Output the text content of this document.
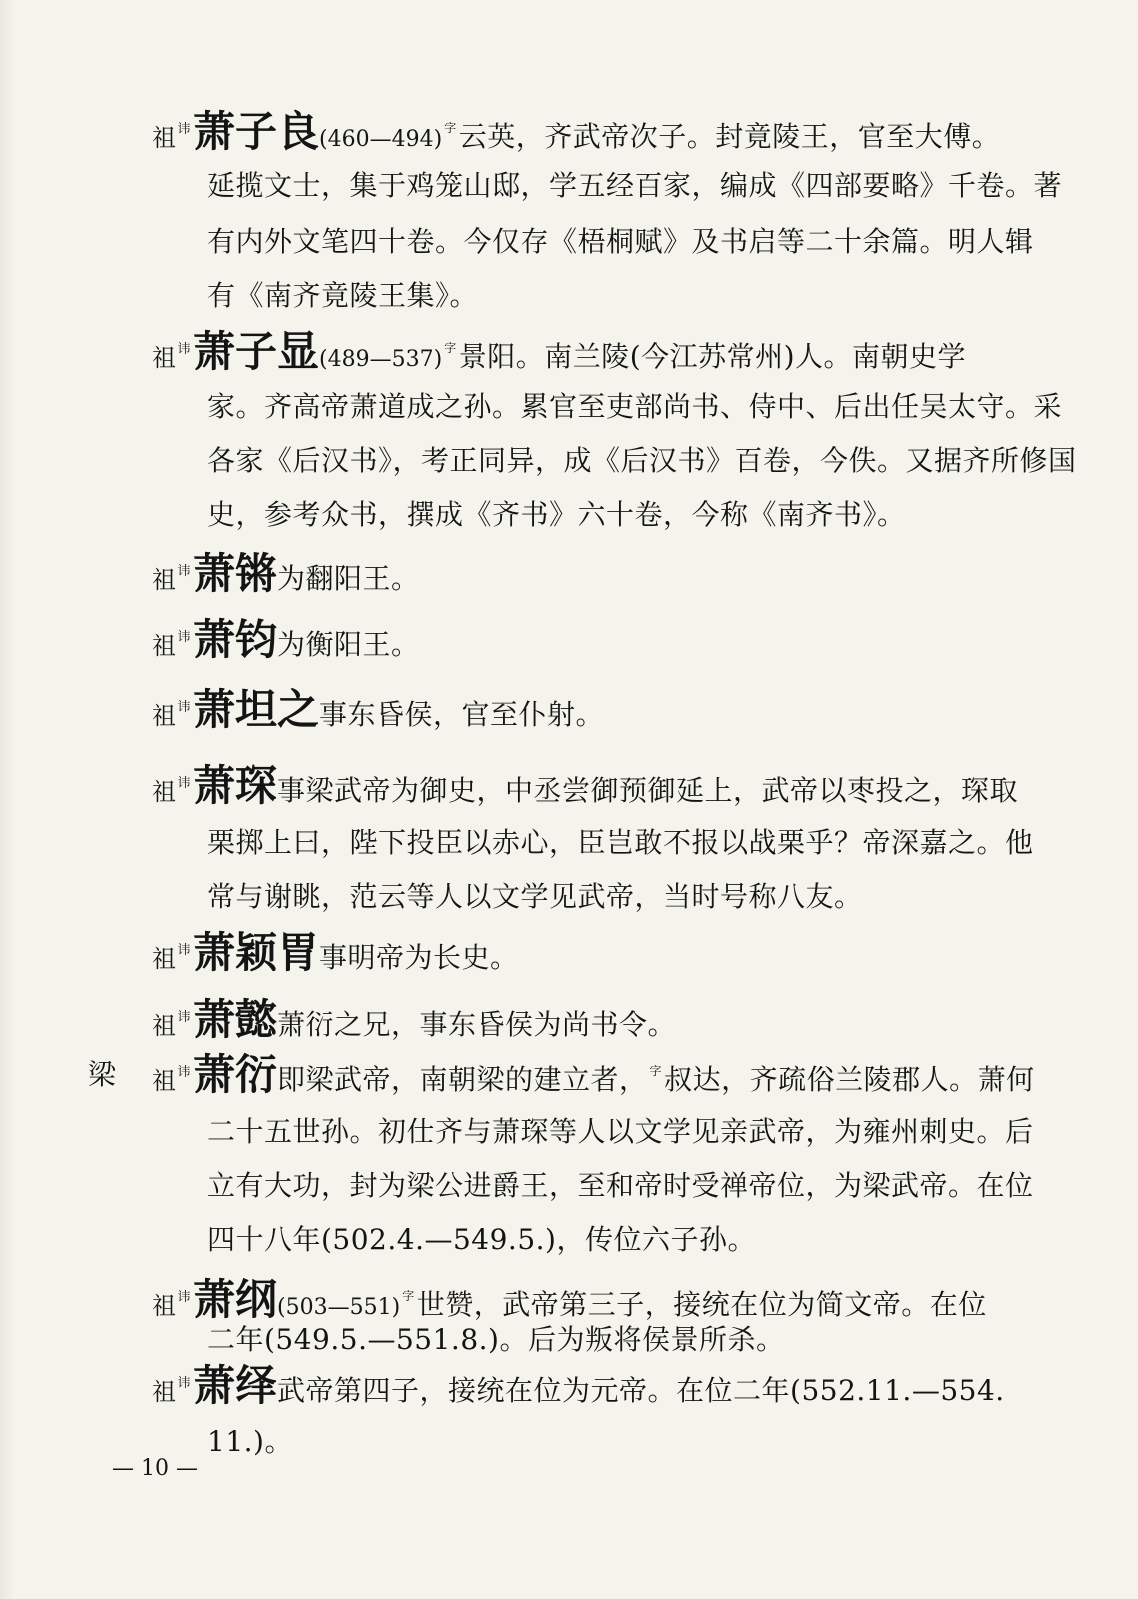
祖$^讳$萧子良(460—494) $^字$云英，齐武帝次子。封竟陵王，官至大傅。
延揽文士，集于鸡笼山邸，学五经百家，编成《四部要略》千卷。著
有内外文笔四十卷。今仅存《梧桐赋》及书启等二十余篇。明人辑
有《南齐竟陵王集》。
祖$^讳$萧子显(489—537) $^字$景阳。南兰陵(今江苏常州)人。南朝史学
家。齐高帝萧道成之孙。累官至吏部尚书、侍中、后出任吴太守。采
各家《后汉书》，考正同异，成《后汉书》百卷，今佚。又据齐所修国
史，参考众书，撰成《齐书》六十卷，今称《南齐书》。
祖$^讳$萧锵为翻阳王。
祖$^讳$萧钧为衡阳王。
祖$^讳$萧坦之事东昏侯，官至仆射。
祖$^讳$萧琛事梁武帝为御史，中丞尝御预御延上，武帝以枣投之，琛取
栗掷上曰，陛下投臣以赤心，臣岂敢不报以战栗乎？帝深嘉之。他
常与谢眺，范云等人以文学见武帝，当时号称八友。
祖$^讳$萧颖胃事明帝为长史。
祖$^讳$萧懿萧衍之兄，事东昏侯为尚书令。
梁 祖$^讳$萧衍即梁武帝，南朝梁的建立者， $^字$叔达，齐疏俗兰陵郡人。萧何
二十五世孙。初仕齐与萧琛等人以文学见亲武帝，为雍州刺史。后
立有大功，封为梁公进爵王，至和帝时受禅帝位，为梁武帝。在位
四十八年(502.4.—549.5.)，传位六子孙。
祖$^讳$萧纲(503—551) $^字$世赞，武帝第三子，接统在位为简文帝。在位
二年(549.5.—551.8.)。后为叛将侯景所杀。
祖$^讳$萧绎武帝第四子，接统在位为元帝。在位二年(552.11.—554.
11.)。
— 10 —
